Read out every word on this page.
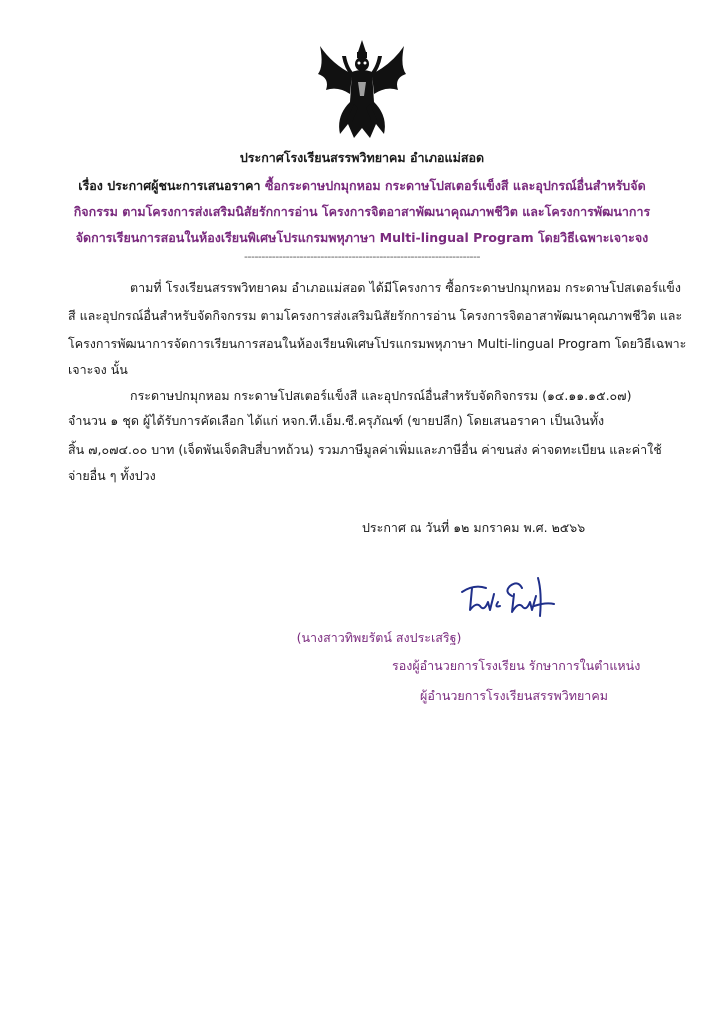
ประกาศโรงเรียนสรรพวิทยาคม อำเภอแม่สอด
เรื่อง ประกาศผู้ชนะการเสนอราคา ซื้อกระดาษปกมุกหอม กระดาษโปสเตอร์แข็งสี และอุปกรณ์อื่นสำหรับจัด
กิจกรรม ตามโครงการส่งเสริมนิสัยรักการอ่าน โครงการจิตอาสาพัฒนาคุณภาพชีวิต และโครงการพัฒนาการ
จัดการเรียนการสอนในห้องเรียนพิเศษโปรแกรมพหุภาษา Multi-lingual Program โดยวิธีเฉพาะเจาะจง
--------------------------------------------------------------------
ตามที่ โรงเรียนสรรพวิทยาคม อำเภอแม่สอด ได้มีโครงการ ซื้อกระดาษปกมุกหอม กระดาษโปสเตอร์แข็ง
สี และอุปกรณ์อื่นสำหรับจัดกิจกรรม ตามโครงการส่งเสริมนิสัยรักการอ่าน โครงการจิตอาสาพัฒนาคุณภาพชีวิต และ
โครงการพัฒนาการจัดการเรียนการสอนในห้องเรียนพิเศษโปรแกรมพหุภาษา Multi-lingual Program โดยวิธีเฉพาะ
เจาะจง นั้น
กระดาษปกมุกหอม กระดาษโปสเตอร์แข็งสี และอุปกรณ์อื่นสำหรับจัดกิจกรรม (๑๔.๑๑.๑๕.๐๗)
จำนวน ๑ ชุด ผู้ได้รับการคัดเลือก ได้แก่ หจก.ที.เอ็ม.ซี.ครุภัณฑ์ (ขายปลีก) โดยเสนอราคา เป็นเงินทั้ง
สิ้น ๗,๐๗๔.๐๐ บาท (เจ็ดพันเจ็ดสิบสี่บาทถ้วน) รวมภาษีมูลค่าเพิ่มและภาษีอื่น ค่าขนส่ง ค่าจดทะเบียน และค่าใช้
จ่ายอื่น ๆ ทั้งปวง
ประกาศ ณ วันที่ ๑๒ มกราคม พ.ศ. ๒๕๖๖
(นางสาวทิพยรัตน์ สงประเสริฐ)
รองผู้อำนวยการโรงเรียน รักษาการในตำแหน่ง
ผู้อำนวยการโรงเรียนสรรพวิทยาคม
